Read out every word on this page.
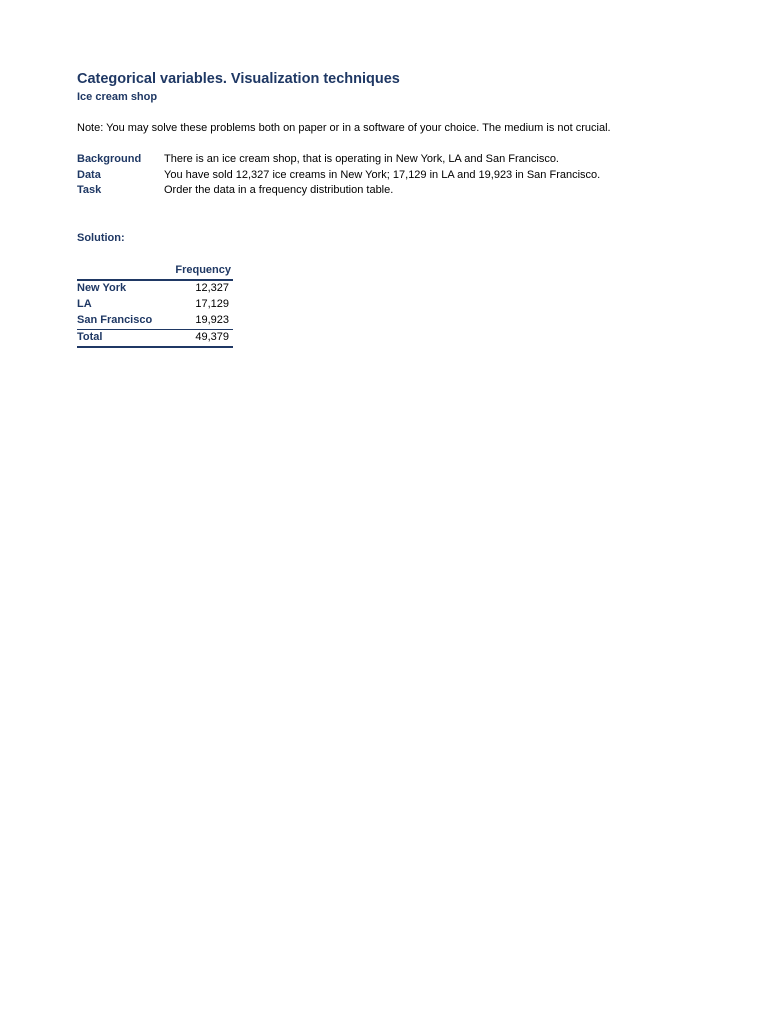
Categorical variables. Visualization techniques
Ice cream shop
Note: You may solve these problems both on paper or in a software of your choice. The medium is not crucial.
Background	There is an ice cream shop, that is operating in New York, LA and San Francisco.
Data	You have sold 12,327 ice creams in New York; 17,129 in LA and 19,923 in San Francisco.
Task	Order the data in a frequency distribution table.
Solution:
	Frequency
New York	12,327
LA	17,129
San Francisco	19,923
Total	49,379
